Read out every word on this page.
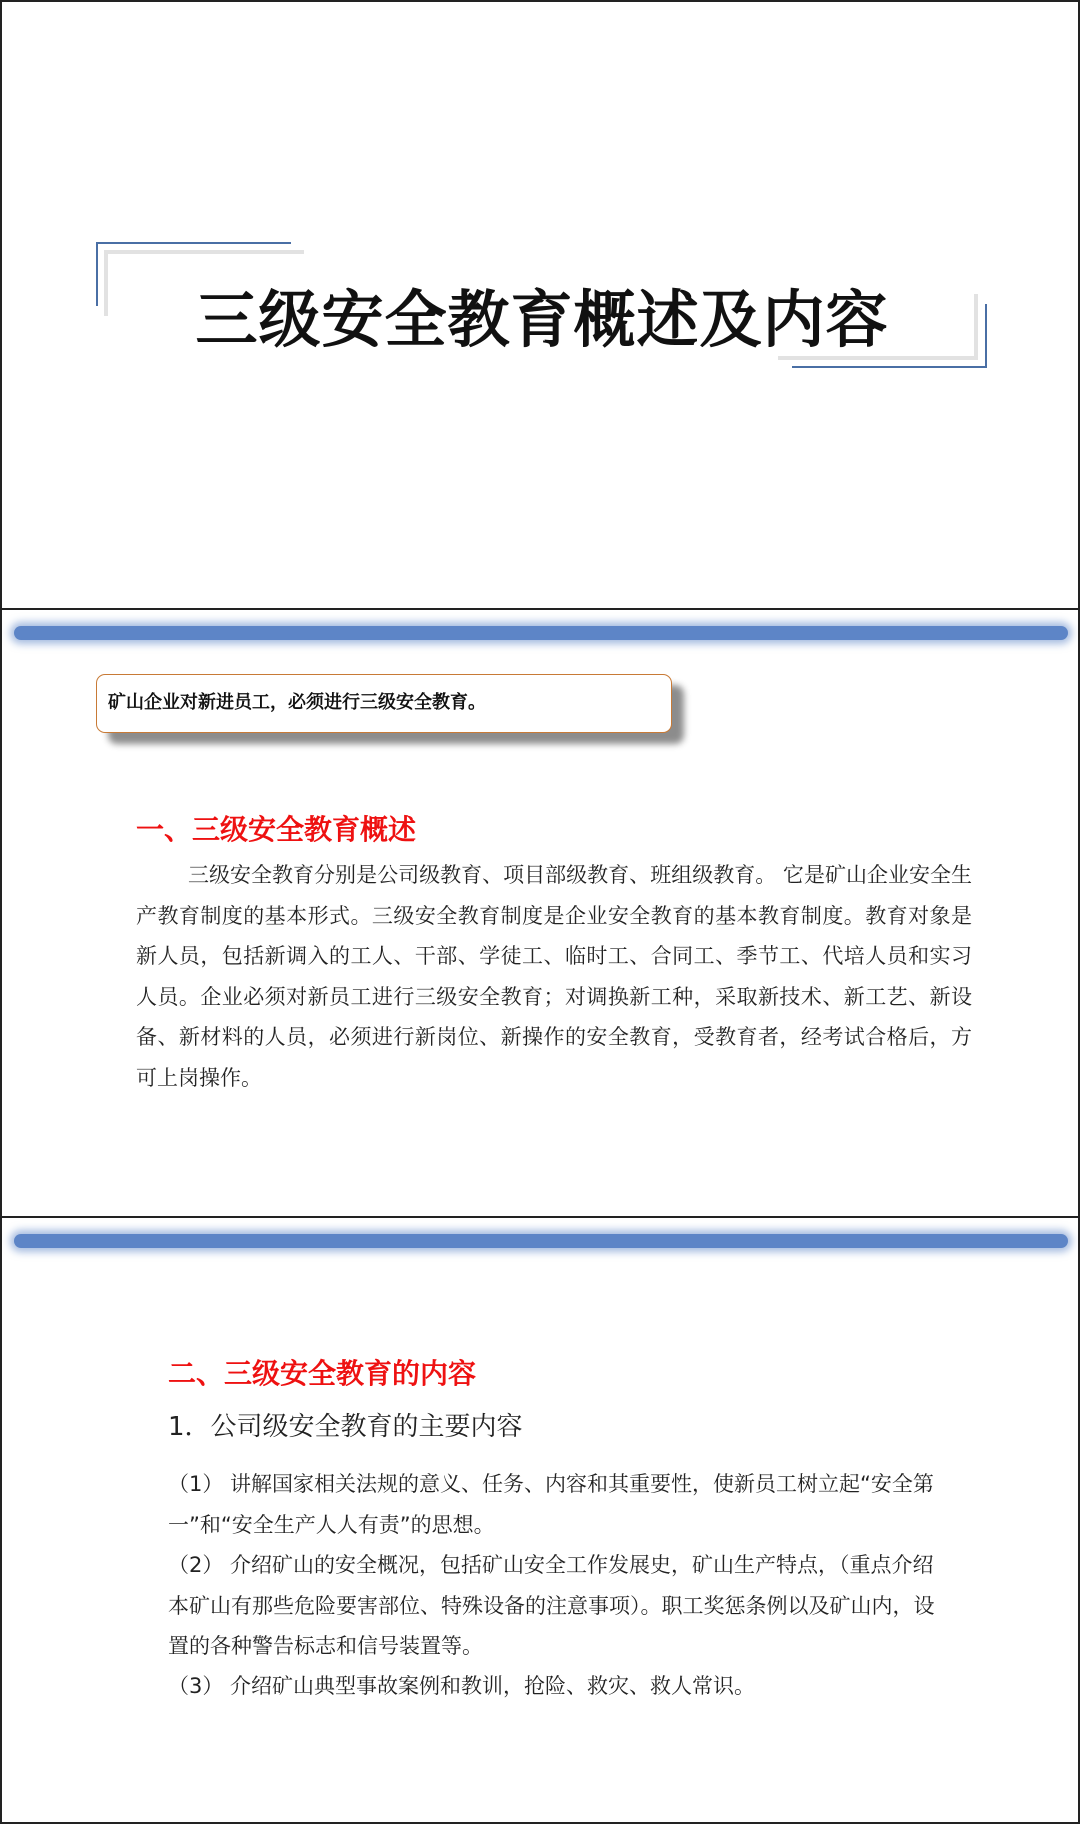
三级安全教育概述及内容
矿山企业对新进员工，必须进行三级安全教育。
一、三级安全教育概述
三级安全教育分别是公司级教育、项目部级教育、班组级教育。 它是矿山企业安全生产教育制度的基本形式。三级安全教育制度是企业安全教育的基本教育制度。教育对象是新人员，包括新调入的工人、干部、学徒工、临时工、合同工、季节工、代培人员和实习人员。企业必须对新员工进行三级安全教育；对调换新工种，采取新技术、新工艺、新设备、新材料的人员，必须进行新岗位、新操作的安全教育，受教育者，经考试合格后，方可上岗操作。
二、三级安全教育的内容
1．公司级安全教育的主要内容
（1） 讲解国家相关法规的意义、任务、内容和其重要性，使新员工树立起“安全第一”和“安全生产人人有责”的思想。
（2） 介绍矿山的安全概况，包括矿山安全工作发展史，矿山生产特点，（重点介绍本矿山有那些危险要害部位、特殊设备的注意事项）。职工奖惩条例以及矿山内，设置的各种警告标志和信号装置等。
（3） 介绍矿山典型事故案例和教训，抢险、救灾、救人常识。
